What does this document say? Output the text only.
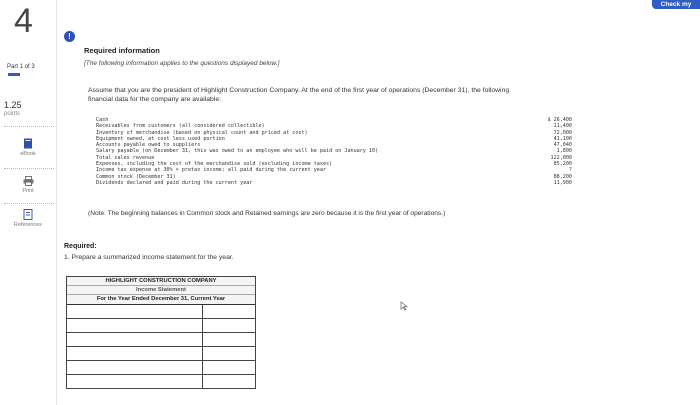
4
Part 1 of 3
1.25
points
eBook
Print
References
Check my
!
Required information
[The following information applies to the questions displayed below.]
Assume that you are the president of Highlight Construction Company. At the end of the first year of operations (December 31), the following financial data for the company are available:
Cash	$ 26,400
Receivables from customers (all considered collectible)	11,400
Inventory of merchandise (based on physical count and priced at cost)	72,000
Equipment owned, at cost less used portion	41,100
Accounts payable owed to suppliers	47,040
Salary payable (on December 31, this was owed to an employee who will be paid on January 10)	1,800
Total sales revenue	122,000
Expenses, including the cost of the merchandise sold (excluding income taxes)	85,200
Income tax expense at 30% × pretax income; all paid during the current year	?
Common stock (December 31)	88,200
Dividends declared and paid during the current year	11,900
(Note: The beginning balances in Common stock and Retained earnings are zero because it is the first year of operations.)
Required:
1. Prepare a summarized income statement for the year.
HIGHLIGHT CONSTRUCTION COMPANY
Income Statement
For the Year Ended December 31, Current Year
